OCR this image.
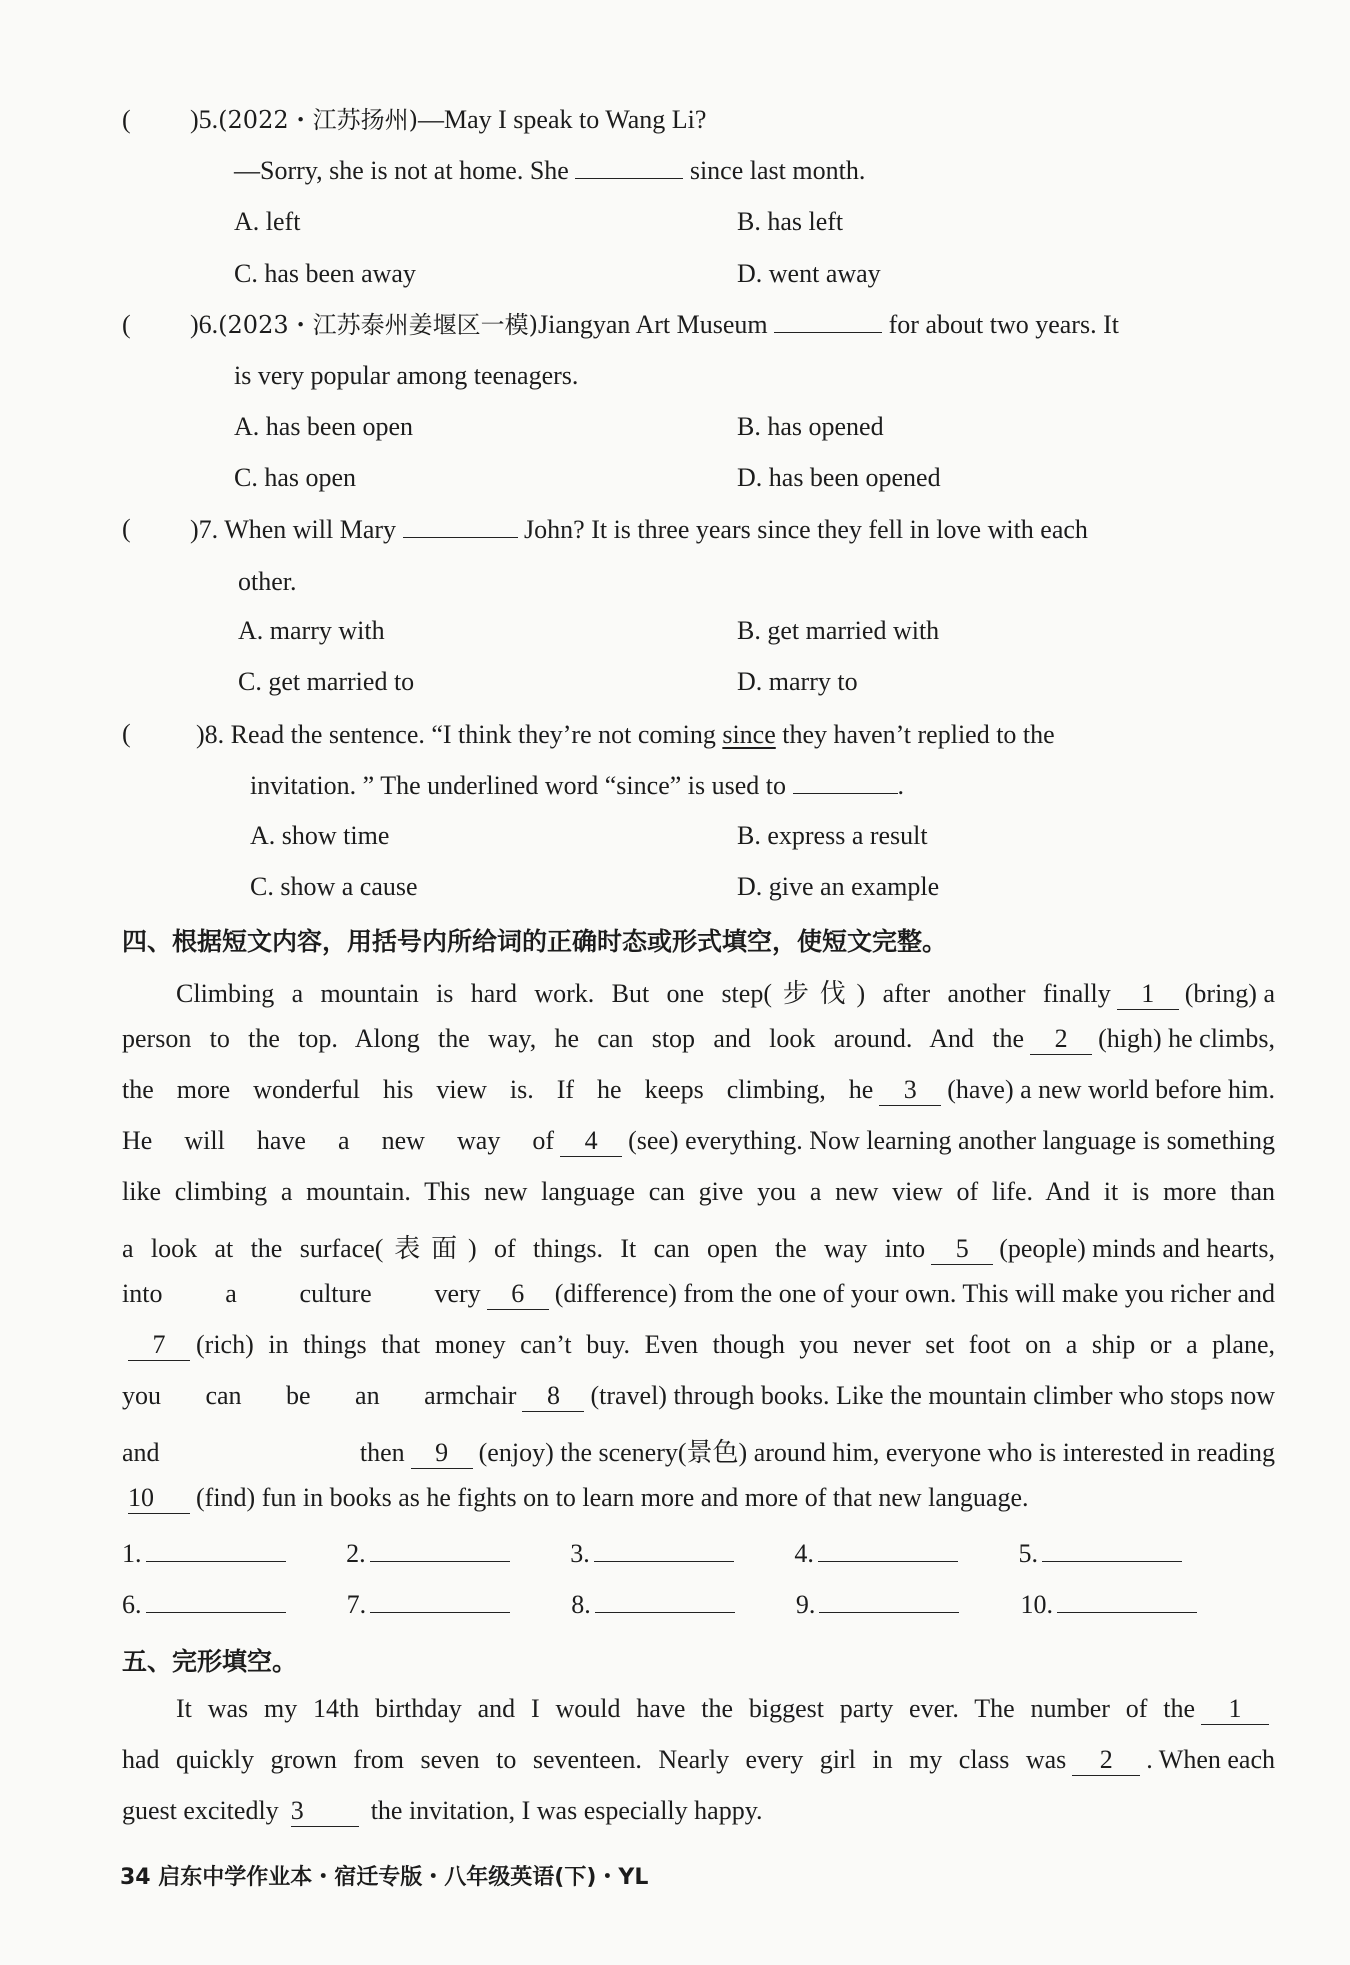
( )5.(2022・江苏扬州)—May I speak to Wang Li?
—Sorry, she is not at home. She	since last month.
A. left	B. has left
C. has been away	D. went away
( )6.(2023・江苏泰州姜堰区一模)Jiangyan Art Museum	for about two years. It
is very popular among teenagers.
A. has been open	B. has opened
C. has open	D. has been opened
( )7. When will Mary	John? It is three years since they fell in love with each
other.
A. marry with	B. get married with
C. get married to	D. marry to
(	)8. Read the sentence. “I think they’re not coming since they haven’t replied to the
invitation. ” The underlined word “since” is used to	.
A. show time	B. express a result
C. show a cause	D. give an example
四、根据短文内容，用括号内所给词的正确时态或形式填空，使短文完整。
Climbing a mountain is hard work. But one step(步伐) after another finally	1	(bring) a
person to the top. Along the way, he can stop and look around. And the	2	(high) he climbs,
the more wonderful his view is. If he keeps climbing, he	3	(have) a new world before him.
He will have a new way of	4	(see) everything. Now learning another language is something
like climbing a mountain. This new language can give you a new view of life. And it is more than
a look at the surface(表面) of things. It can open the way into	5	(people) minds and hearts,
into a culture very	6	(difference) from the one of your own. This will make you richer and
7	(rich) in things that money can’t buy. Even though you never set foot on a ship or a plane,
you can be an armchair	8	(travel) through books. Like the mountain climber who stops now
and then	9	(enjoy) the scenery(景色) around him, everyone who is interested in reading
10	(find) fun in books as he fights on to learn more and more of that new language.
1.	2.	3.	4.	5.
6.	7.	8.	9.	10.
五、完形填空。
It was my 14th birthday and I would have the biggest party ever. The number of the	1
had quickly grown from seven to seventeen. Nearly every girl in my class was	2	. When each
guest excitedly 3	the invitation, I was especially happy.
34 启东中学作业本・宿迁专版・八年级英语(下)・YL
